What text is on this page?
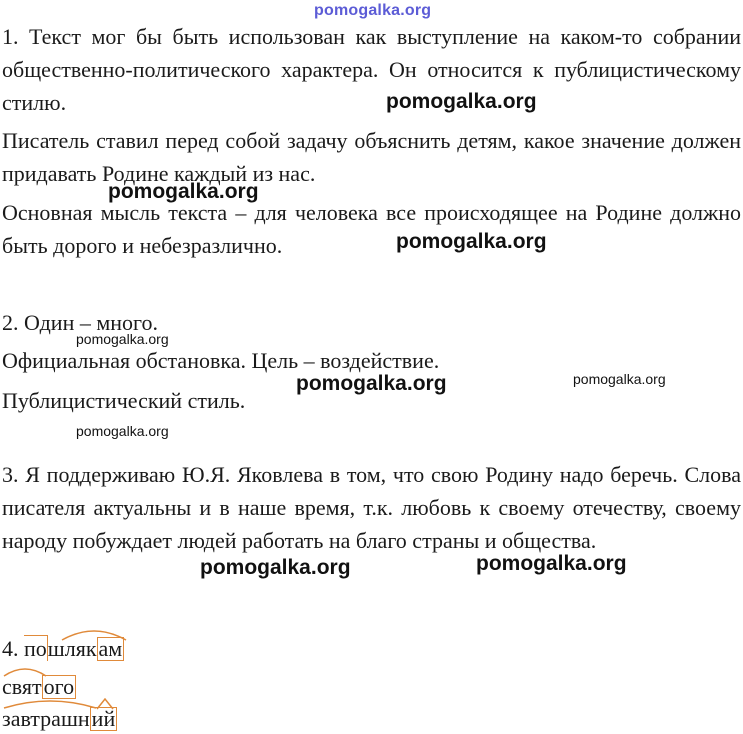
pomogalka.org

1. Текст мог бы быть использован как выступление на каком-то собрании общественно-политического характера. Он относится к публицистическому стилю.

Писатель ставил перед собой задачу объяснить детям, какое значение должен придавать Родине каждый из нас.

Основная мысль текста – для человека все происходящее на Родине должно быть дорого и небезразлично.

2. Один – много.

Официальная обстановка. Цель – воздействие.

Публицистический стиль.

3. Я поддерживаю Ю.Я. Яковлева в том, что свою Родину надо беречь. Слова писателя актуальны и в наше время, т.к. любовь к своему отечеству, своему народу побуждает людей работать на благо страны и общества.

4. пошлякам
святого
завтрашний
pomogalka.org
pomogalka.org
pomogalka.org
pomogalka.org
pomogalka.org	pomogalka.org
pomogalka.org
pomogalka.org	pomogalka.org
